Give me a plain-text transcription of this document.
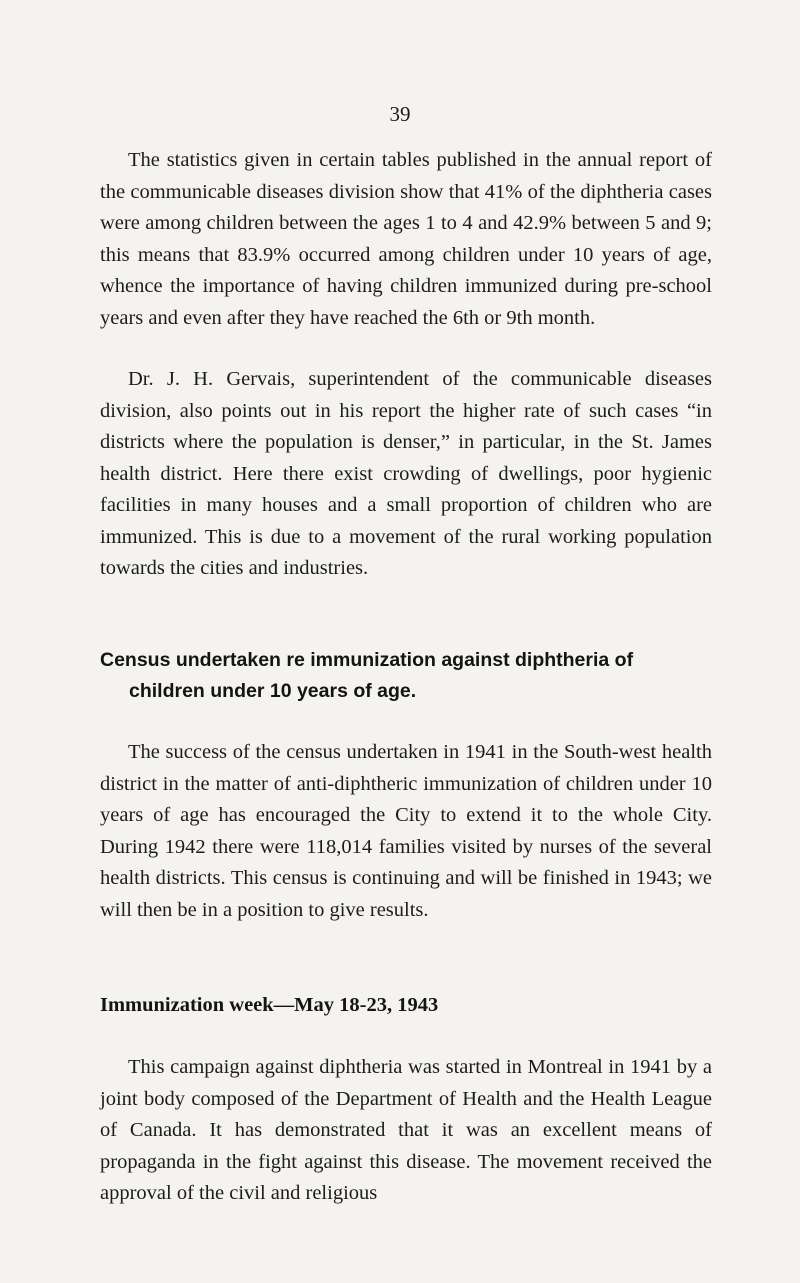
39

The statistics given in certain tables published in the annual report of the communicable diseases division show that 41% of the diphtheria cases were among children between the ages 1 to 4 and 42.9% between 5 and 9; this means that 83.9% occurred among children under 10 years of age, whence the importance of having children immunized during pre-school years and even after they have reached the 6th or 9th month.

Dr. J. H. Gervais, superintendent of the communicable diseases division, also points out in his report the higher rate of such cases “in districts where the population is denser,” in particular, in the St. James health district. Here there exist crowding of dwellings, poor hygienic facilities in many houses and a small proportion of children who are immunized. This is due to a movement of the rural working population towards the cities and industries.

Census undertaken re immunization against diphtheria of
children under 10 years of age.

The success of the census undertaken in 1941 in the South-west health district in the matter of anti-diphtheric immunization of children under 10 years of age has encouraged the City to extend it to the whole City. During 1942 there were 118,014 families visited by nurses of the several health districts. This census is continuing and will be finished in 1943; we will then be in a position to give results.

Immunization week—May 18-23, 1943

This campaign against diphtheria was started in Montreal in 1941 by a joint body composed of the Department of Health and the Health League of Canada. It has demonstrated that it was an excellent means of propaganda in the fight against this disease. The movement received the approval of the civil and religious
